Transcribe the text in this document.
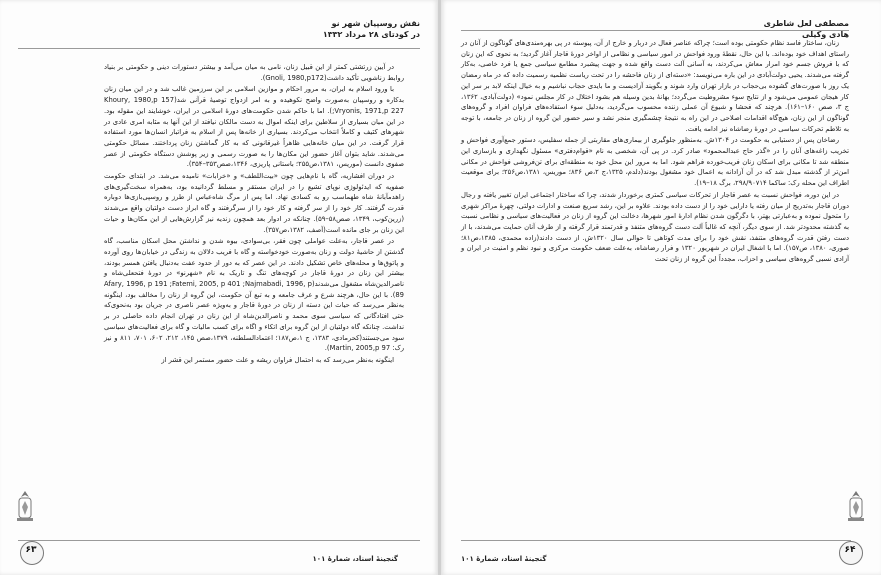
نقش روسپیان شهر نو
در کودتای ۲۸ مرداد ۱۳۳۲

در آیین زرتشتی کمتر از این قبیل زنان، نامی به میان می‌آمد و بیشتر دستورات دینی و حکومتی بر بنیاد روابط زناشویی تأکید داشت(Gnoli, 1980,p172).

با ورود اسلام به ایران، به مرور احکام و موازین اسلامی بر این سرزمین غالب شد و در این میان زنان بدکاره و روسپیان به‌صورت واضح نکوهیده و به امر ازدواج توصیهٔ قرآنی شد(Khoury, 1980,p 157 ;Vryonis, 1971,p 227). اما با حاکم شدن حکومت‌های دورهٔ اسلامی در ایران، خوشایند این مقوله بود. در این میان بسیاری از سلاطین برای اینکه اموال به دست مالکان نیافتد از این آنها به مثابه امری عادی در شهرهای کثیف و کاملاً انتخاب می‌کردند. بسیاری از خانه‌ها پس از اسلام به فراتبار انسان‌ها مورد استفاده قرار گرفت. در این میان خانه‌هایی ظاهراً غیرقانونی که به کار گماشتن زنان پرداختند. مسائل حکومتی می‌شدند. شاید بتوان آغاز حضور این مکان‌ها را به صورت رسمی و زیر پوشش دستگاه حکومتی از عصر صفوی دانست (موریس، ۱۳۸۱،ص۲۵۵؛ باستانی پاریزی، ۱۳۴۶،صص۳۵۳–۳۵۴).

در دوران افشاریه، گاه با نام‌هایی چون «بیت‌اللطف» و «خرابات» نامیده می‌شد. در ابتدای حکومت صفویه که ایدئولوژی نوپای تشیع را در ایران مستقر و مسلط گردانیده بود، به‌همراه سخت‌گیری‌های زاهدمآبانهٔ شاه طهماسب رو به کسادی نهاد. اما پس از مرگ شاه‌عباس از طرز و روسپی‌بازی‌ها دوباره قدرت گرفتند. کار خود را از سر گرفته و کار خود را از سرگرفتند و گاه ابراز دست دولتیان واقع می‌شدند (زرین‌کوب، ۱۳۴۹، صص۵۸–۵۹). چنانکه در ادوار بعد همچون زندیه نیز گزارش‌هایی از این مکان‌ها و حیات این زنان بر جای مانده است(آصف، ۱۳۸۲،ص۳۵۷).

در عصر قاجار، به‌علت عواملی چون فقر، بی‌سوادی، بیوه شدن و نداشتن محل اسکان مناسب، گاه گذشتن از حاشیهٔ دولت و زنان به‌صورت خودخواسته و گاه با فریب دلالان به زندگی در خیابان‌ها روی آورده و پاتوق‌ها و محله‌های خاص تشکیل دادند. در این عصر که به دور از حدود عفت به‌دنبال یافتن همسر بودند، بیشتر این زنان در دورهٔ قاجار در کوچه‌های تنگ و تاریک به نام «شهرنو» در دورهٔ فتحعلی‌شاه و ناصرالدین‌شاه مشغول می‌شدند(Afary, 1996, p 191 ;Fatemi, 2005, p 401 ;Najmabadi, 1996, p 89). با این حال، هرچند شرع و عرف جامعه و به تبع آن حکومت، این گروه از زنان را مخالف بود، اینگونه به‌نظر می‌رسد که حیات این دسته از زنان در دورهٔ قاجار و به‌ویژه عصر ناصری در جریان بود به‌نحوی‌که حتی افتادگانی که سیاسی سوی محمد و ناصرالدین‌شاه از این زنان در تهران انجام داده حاصلی در بر نداشت. چنانکه گاه دولتیان از این گروه برای اتکاء و اگاه برای کسب مالیات و گاه برای فعالیت‌های سیاسی سود می‌جستند(کحرمادی، ۱۳۸۳، ج ۱،ص۱۸۷؛ اعتمادالسلطنه، ۱۳۷۹،صص ۱۴۵، ۲۱۲، ۶۰۲، ۷۰۱، ۸۱۱ و نیز رک: Martin, 2005,p 97).

اینگونه به‌نظر می‌رسد که به احتمال فراوان ریشه و علت حضور مستمر این قشر از

گنجینهٔ اسناد، شمارهٔ ۱۰۱
۶۳
مصطفی لعل شاطری
هادی وکیلی

زنان، ساختار فاسد نظام حکومتی بوده است؛ چراکه عناصر فعال در دربار و خارج از آن، پیوسته در پی بهره‌مندی‌های گوناگون از آنان در راستای اهداف خود بوده‌اند. با این حال، نقطهٔ ورود فواحش در امور سیاسی و نظامی از اواخر دورهٔ قاجار آغاز گردید؛ به نحوی که این زنان که با فروش جسم خود امرار معاش می‌کردند، به آسانی آلت دست واقع شده و جهت پیشبرد مطامع سیاسی جمع یا فرد خاصی، به‌کار گرفته می‌شدند. یحیی دولت‌آبادی در این باره می‌نویسد: «دسته‌ای از زنان فاحشه را در تحت ریاست نظمیه رسمیت داده که در ماه رمضان یک روز با صورت‌های گشوده بی‌حجاب در بازار تهران وارد شوند و بگویند آزادیست و ما بایدی حجاب نباشیم و به خیال اینکه لابد بر سر این کار هیجان عمومی می‌شود و از نتایج سوء مشروطیت می‌گردد؛ بهانهٔ بدین وسیله هم بشود اختلال در کار مجلس نمود» (دولت‌آبادی، ۱۳۶۲، ج ۳، صص ۱۶۰–۱۶۱). هرچند که فحشا و شیوع آن عملی زننده محسوب می‌گردید، به‌دلیل سوء استفاده‌های فراوان افراد و گروه‌های گوناگون از این زنان، هیچ‌گاه اقدامات اصلاحی در این راه به نتیجهٔ چشمگیری منجر نشد و سیر حضور این گروه از زنان در جامعه، با توجه به تلاطم تحرکات سیاسی در دورهٔ رضاشاه نیز ادامه یافت.

رضاخان پس از دستیابی به حکومت در ۱۳۰۴ش. به‌منظور جلوگیری از بیماری‌های مقاربتی از جمله سفلیس، دستور جمع‌آوری فواحش و تخریب زاغه‌های آنان را در «گذر حاج عبدالمحمود» صادر کرد. در پی آن، شخصی به نام «قوام‌دفتری» مسئول نگهداری و بازسازی این منطقه شد تا مکانی برای اسکان زنان فریب‌خورده فراهم شود. اما به مرور این محل خود به منطقه‌ای برای تن‌فروشی فواحش در مکانی امن‌تر از گذشته مبدل شد که در آن آزادانه به اعمال خود مشغول بودند(دلدم، ۱۳۲۵،ج ۲،ص ۸۳۶؛ موریس، ۱۳۸۱،ص۲۵۶؛ برای موقعیت اطراف این محله رک: ساکما ۲۹۸/۹۰۷۱۴، برگ ۱۸–۱۹).

در این دوره، فواحش نسبت به عصر قاجار از تحرکات سیاسی کمتری برخوردار شدند، چرا که ساختار اجتماعی ایران تغییر یافته و رجال دوران قاجار به‌تدریج از میان رفته یا دارایی خود را از دست داده بودند. علاوه بر این، رشد سریع صنعت و ادارات دولتی، چهرهٔ مراکز شهری را متحول نموده و به‌عبارتی بهتر، با دگرگون شدن نظام ادارهٔ امور شهرها، دخالت این گروه از زنان در فعالیت‌های سیاسی و نظامی نسبت به گذشته محدودتر شد. از سوی دیگر، آنچه که غالباً آلت دست گروه‌های متنفذ و قدرتمند قرار گرفته و از طرف آنان حمایت می‌شدند، با از دست رفتن قدرت گروه‌های متنفذ، نقش خود را برای مدت کوتاهی تا حوالی سال ۱۳۲۰ش. از دست دادند(زاده محمدی، ۱۳۸۵،ص۸۱؛ صوری، ۱۳۸۰، ص۱۵۷). اما با اشغال ایران در شهریور ۱۳۲۰ و فرار رضاشاه، به‌علت ضعف حکومت مرکزی و نبود نظم و امنیت در ایران و آزادی نسبی گروه‌های سیاسی و احزاب، مجدداً این گروه از زنان تحت

گنجینهٔ اسناد، شمارهٔ ۱۰۱
۶۴
